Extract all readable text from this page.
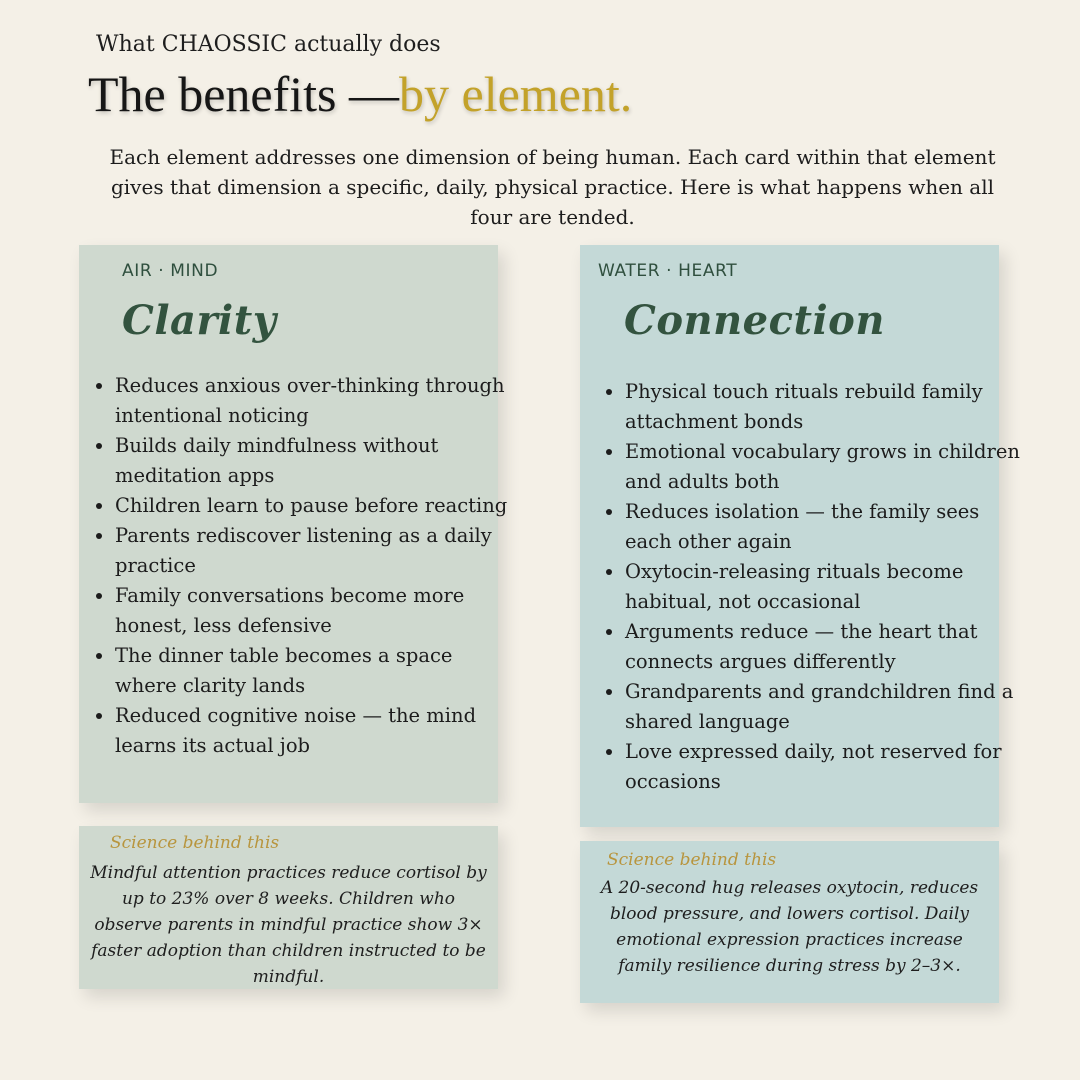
What CHAOSSIC actually does
The benefits —by element.
Each element addresses one dimension of being human. Each card within that element gives that dimension a specific, daily, physical practice. Here is what happens when all four are tended.
AIR · MIND
Clarity
• Reduces anxious over-thinking through intentional noticing
• Builds daily mindfulness without meditation apps
• Children learn to pause before reacting
• Parents rediscover listening as a daily practice
• Family conversations become more honest, less defensive
• The dinner table becomes a space where clarity lands
• Reduced cognitive noise — the mind learns its actual job
Science behind this
Mindful attention practices reduce cortisol by up to 23% over 8 weeks. Children who observe parents in mindful practice show 3× faster adoption than children instructed to be mindful.
WATER · HEART
Connection
• Physical touch rituals rebuild family attachment bonds
• Emotional vocabulary grows in children and adults both
• Reduces isolation — the family sees each other again
• Oxytocin-releasing rituals become habitual, not occasional
• Arguments reduce — the heart that connects argues differently
• Grandparents and grandchildren find a shared language
• Love expressed daily, not reserved for occasions
Science behind this
A 20-second hug releases oxytocin, reduces blood pressure, and lowers cortisol. Daily emotional expression practices increase family resilience during stress by 2–3×.
